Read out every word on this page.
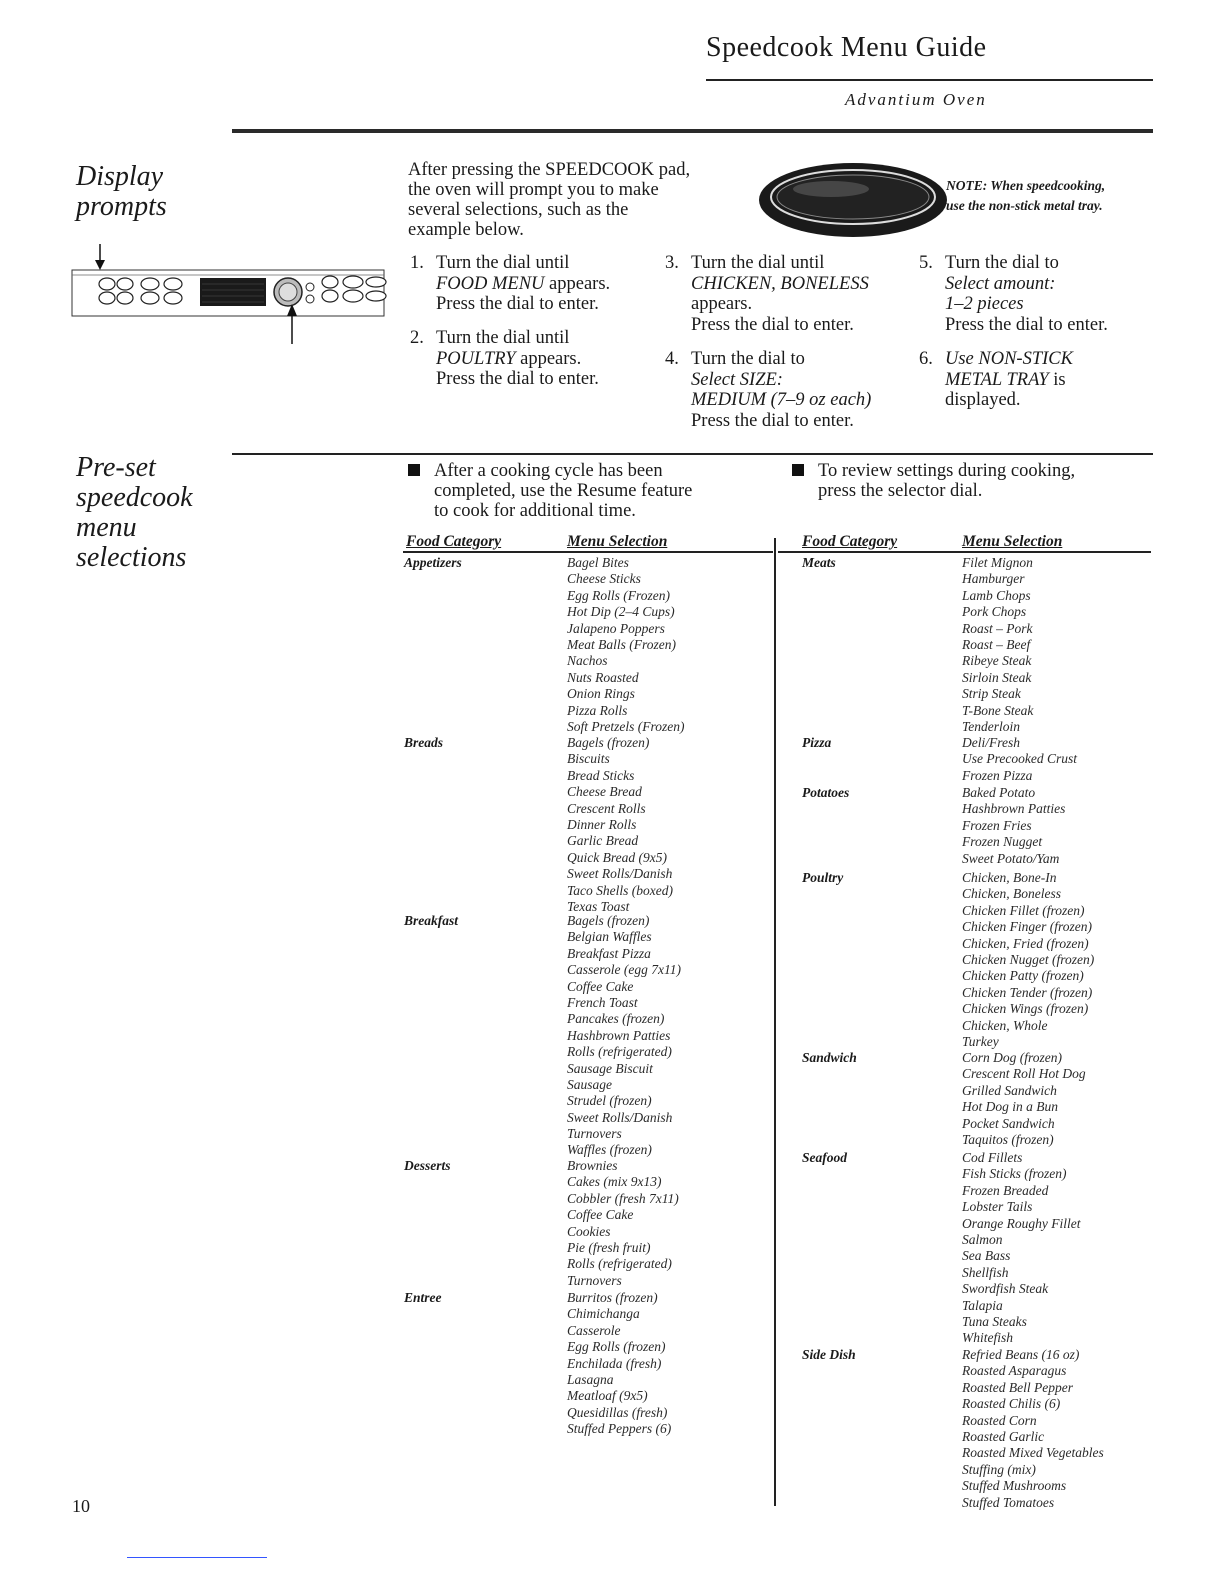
Speedcook Menu Guide
Advantium Oven
Display
prompts
After pressing the SPEEDCOOK pad,
the oven will prompt you to make
several selections, such as the
example below.
NOTE: When speedcooking,
use the non-stick metal tray.
1. Turn the dial until
FOOD MENU appears.
Press the dial to enter.
2. Turn the dial until
POULTRY appears.
Press the dial to enter.
3. Turn the dial until
CHICKEN, BONELESS
appears.
Press the dial to enter.
4. Turn the dial to
Select SIZE:
MEDIUM (7–9 oz each)
Press the dial to enter.
5. Turn the dial to
Select amount:
1–2 pieces
Press the dial to enter.
6. Use NON-STICK
METAL TRAY is
displayed.
Pre-set
speedcook
menu
selections
After a cooking cycle has been
completed, use the Resume feature
to cook for additional time.
To review settings during cooking,
press the selector dial.
Food Category	Menu Selection	Food Category	Menu Selection
Appetizers	Bagel Bites
Cheese Sticks
Egg Rolls (Frozen)
Hot Dip (2–4 Cups)
Jalapeno Poppers
Meat Balls (Frozen)
Nachos
Nuts Roasted
Onion Rings
Pizza Rolls
Soft Pretzels (Frozen)
Breads	Bagels (frozen)
Biscuits
Bread Sticks
Cheese Bread
Crescent Rolls
Dinner Rolls
Garlic Bread
Quick Bread (9x5)
Sweet Rolls/Danish
Taco Shells (boxed)
Texas Toast
Breakfast	Bagels (frozen)
Belgian Waffles
Breakfast Pizza
Casserole (egg 7x11)
Coffee Cake
French Toast
Pancakes (frozen)
Hashbrown Patties
Rolls (refrigerated)
Sausage Biscuit
Sausage
Strudel (frozen)
Sweet Rolls/Danish
Turnovers
Waffles (frozen)
Desserts	Brownies
Cakes (mix 9x13)
Cobbler (fresh 7x11)
Coffee Cake
Cookies
Pie (fresh fruit)
Rolls (refrigerated)
Turnovers
Entree	Burritos (frozen)
Chimichanga
Casserole
Egg Rolls (frozen)
Enchilada (fresh)
Lasagna
Meatloaf (9x5)
Quesidillas (fresh)
Stuffed Peppers (6)
Meats	Filet Mignon
Hamburger
Lamb Chops
Pork Chops
Roast – Pork
Roast – Beef
Ribeye Steak
Sirloin Steak
Strip Steak
T-Bone Steak
Tenderloin
Pizza	Deli/Fresh
Use Precooked Crust
Frozen Pizza
Potatoes	Baked Potato
Hashbrown Patties
Frozen Fries
Frozen Nugget
Sweet Potato/Yam
Poultry	Chicken, Bone-In
Chicken, Boneless
Chicken Fillet (frozen)
Chicken Finger (frozen)
Chicken, Fried (frozen)
Chicken Nugget (frozen)
Chicken Patty (frozen)
Chicken Tender (frozen)
Chicken Wings (frozen)
Chicken, Whole
Turkey
Sandwich	Corn Dog (frozen)
Crescent Roll Hot Dog
Grilled Sandwich
Hot Dog in a Bun
Pocket Sandwich
Taquitos (frozen)
Seafood	Cod Fillets
Fish Sticks (frozen)
Frozen Breaded
Lobster Tails
Orange Roughy Fillet
Salmon
Sea Bass
Shellfish
Swordfish Steak
Talapia
Tuna Steaks
Whitefish
Side Dish	Refried Beans (16 oz)
Roasted Asparagus
Roasted Bell Pepper
Roasted Chilis (6)
Roasted Corn
Roasted Garlic
Roasted Mixed Vegetables
Stuffing (mix)
Stuffed Mushrooms
Stuffed Tomatoes
10
